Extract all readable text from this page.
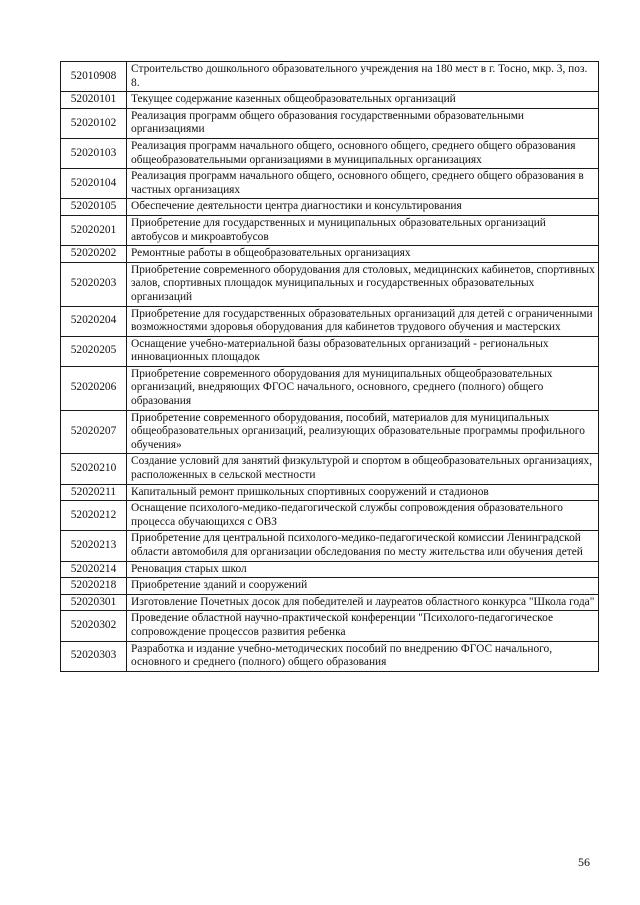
52010908	Строительство дошкольного образовательного учреждения на 180 мест в г. Тосно, мкр. 3, поз. 8.
52020101	Текущее содержание казенных общеобразовательных организаций
52020102	Реализация программ общего образования государственными образовательными организациями
52020103	Реализация программ начального общего, основного общего, среднего общего образования общеобразовательными организациями в муниципальных организациях
52020104	Реализация программ начального общего, основного общего, среднего общего образования в частных организациях
52020105	Обеспечение деятельности центра диагностики и консультирования
52020201	Приобретение для государственных и муниципальных образовательных организаций автобусов и микроавтобусов
52020202	Ремонтные работы в общеобразовательных организациях
52020203	Приобретение современного оборудования для столовых, медицинских кабинетов, спортивных залов, спортивных площадок муниципальных и государственных образовательных организаций
52020204	Приобретение для государственных образовательных организаций для детей с ограниченными возможностями здоровья оборудования для кабинетов трудового обучения и мастерских
52020205	Оснащение учебно-материальной базы образовательных организаций - региональных инновационных площадок
52020206	Приобретение современного оборудования для муниципальных общеобразовательных организаций, внедряющих ФГОС начального, основного, среднего (полного) общего образования
52020207	Приобретение современного оборудования, пособий, материалов для муниципальных общеобразовательных организаций, реализующих образовательные программы профильного обучения»
52020210	Создание условий для занятий физкультурой и спортом в общеобразовательных организациях, расположенных в сельской местности
52020211	Капитальный ремонт пришкольных спортивных сооружений и стадионов
52020212	Оснащение психолого-медико-педагогической службы сопровождения образовательного процесса обучающихся с ОВЗ
52020213	Приобретение для центральной психолого-медико-педагогической комиссии Ленинградской области автомобиля для организации обследования по месту жительства или обучения детей
52020214	Реновация старых школ
52020218	Приобретение зданий и сооружений
52020301	Изготовление Почетных досок для победителей и лауреатов областного конкурса "Школа года"
52020302	Проведение областной научно-практической конференции "Психолого-педагогическое сопровождение процессов развития ребенка
52020303	Разработка и издание учебно-методических пособий по внедрению ФГОС начального, основного и среднего (полного) общего образования
56
